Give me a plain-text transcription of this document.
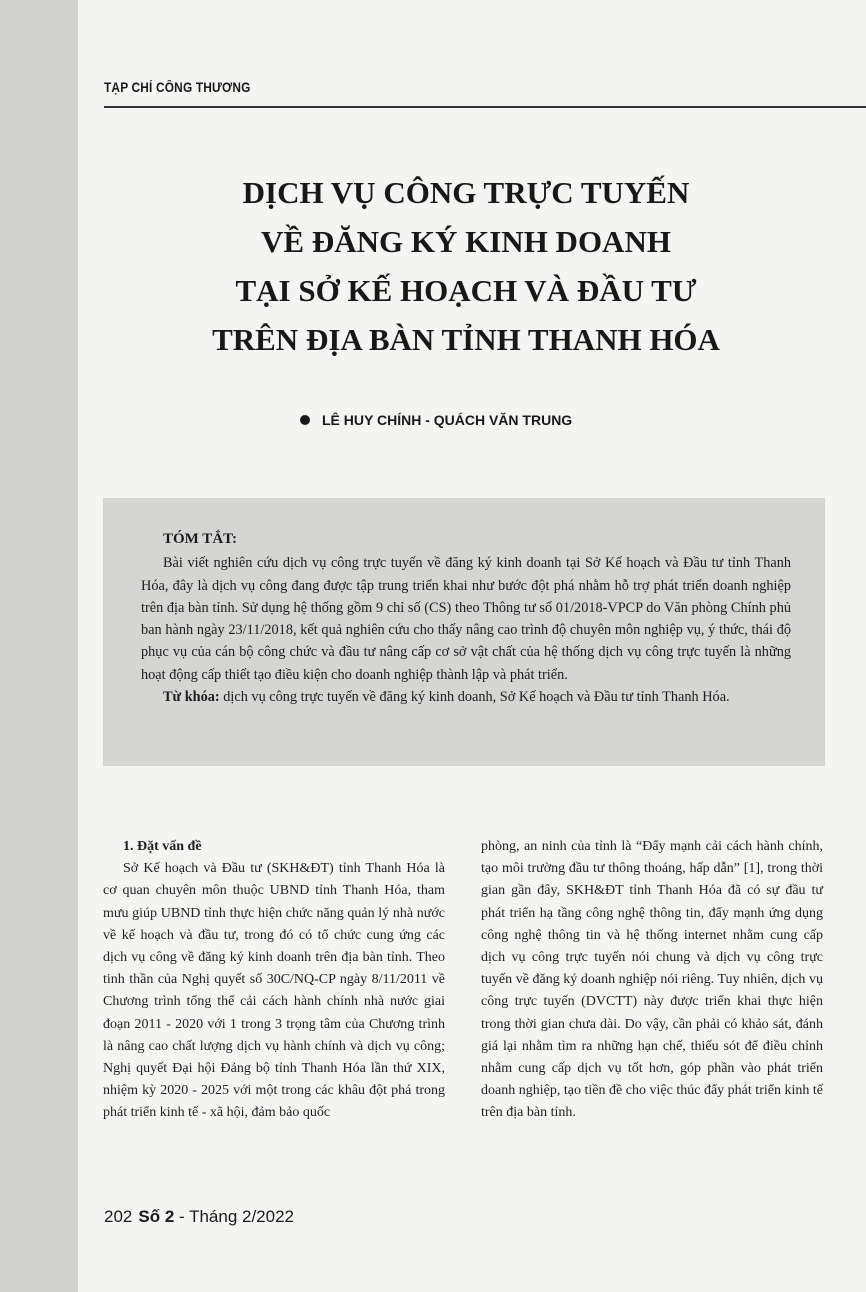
TẠP CHÍ CÔNG THƯƠNG
DỊCH VỤ CÔNG TRỰC TUYẾN
VỀ ĐĂNG KÝ KINH DOANH
TẠI SỞ KẾ HOẠCH VÀ ĐẦU TƯ
TRÊN ĐỊA BÀN TỈNH THANH HÓA
LÊ HUY CHÍNH - QUÁCH VĂN TRUNG
TÓM TẮT:

Bài viết nghiên cứu dịch vụ công trực tuyến về đăng ký kinh doanh tại Sở Kế hoạch và Đầu tư tỉnh Thanh Hóa, đây là dịch vụ công đang được tập trung triển khai như bước đột phá nhằm hỗ trợ phát triển doanh nghiệp trên địa bàn tỉnh. Sử dụng hệ thống gồm 9 chỉ số (CS) theo Thông tư số 01/2018-VPCP do Văn phòng Chính phủ ban hành ngày 23/11/2018, kết quả nghiên cứu cho thấy nâng cao trình độ chuyên môn nghiệp vụ, ý thức, thái độ phục vụ của cán bộ công chức và đầu tư nâng cấp cơ sở vật chất của hệ thống dịch vụ công trực tuyến là những hoạt động cấp thiết tạo điều kiện cho doanh nghiệp thành lập và phát triển.

Từ khóa: dịch vụ công trực tuyến về đăng ký kinh doanh, Sở Kế hoạch và Đầu tư tỉnh Thanh Hóa.

1. Đặt vấn đề

Sở Kế hoạch và Đầu tư (SKH&ĐT) tỉnh Thanh Hóa là cơ quan chuyên môn thuộc UBND tỉnh Thanh Hóa, tham mưu giúp UBND tỉnh thực hiện chức năng quản lý nhà nước về kế hoạch và đầu tư, trong đó có tổ chức cung ứng các dịch vụ công về đăng ký kinh doanh trên địa bàn tỉnh. Theo tinh thần của Nghị quyết số 30C/NQ-CP ngày 8/11/2011 về Chương trình tổng thể cải cách hành chính nhà nước giai đoạn 2011 - 2020 với 1 trong 3 trọng tâm của Chương trình là nâng cao chất lượng dịch vụ hành chính và dịch vụ công; Nghị quyết Đại hội Đảng bộ tỉnh Thanh Hóa lần thứ XIX, nhiệm kỳ 2020 - 2025 với một trong các khâu đột phá trong phát triển kinh tế - xã hội, đảm bảo quốc

phòng, an ninh của tỉnh là “Đẩy mạnh cải cách hành chính, tạo môi trường đầu tư thông thoáng, hấp dẫn” [1], trong thời gian gần đây, SKH&ĐT tỉnh Thanh Hóa đã có sự đầu tư phát triển hạ tầng công nghệ thông tin, đẩy mạnh ứng dụng công nghệ thông tin và hệ thống internet nhằm cung cấp dịch vụ công trực tuyến nói chung và dịch vụ công trực tuyến về đăng ký doanh nghiệp nói riêng. Tuy nhiên, dịch vụ công trực tuyến (DVCTT) này được triển khai thực hiện trong thời gian chưa dài. Do vậy, cần phải có khảo sát, đánh giá lại nhằm tìm ra những hạn chế, thiếu sót để điều chỉnh nhằm cung cấp dịch vụ tốt hơn, góp phần vào phát triển doanh nghiệp, tạo tiền đề cho việc thúc đẩy phát triển kinh tế trên địa bàn tỉnh.

202 Số 2 - Tháng 2/2022
